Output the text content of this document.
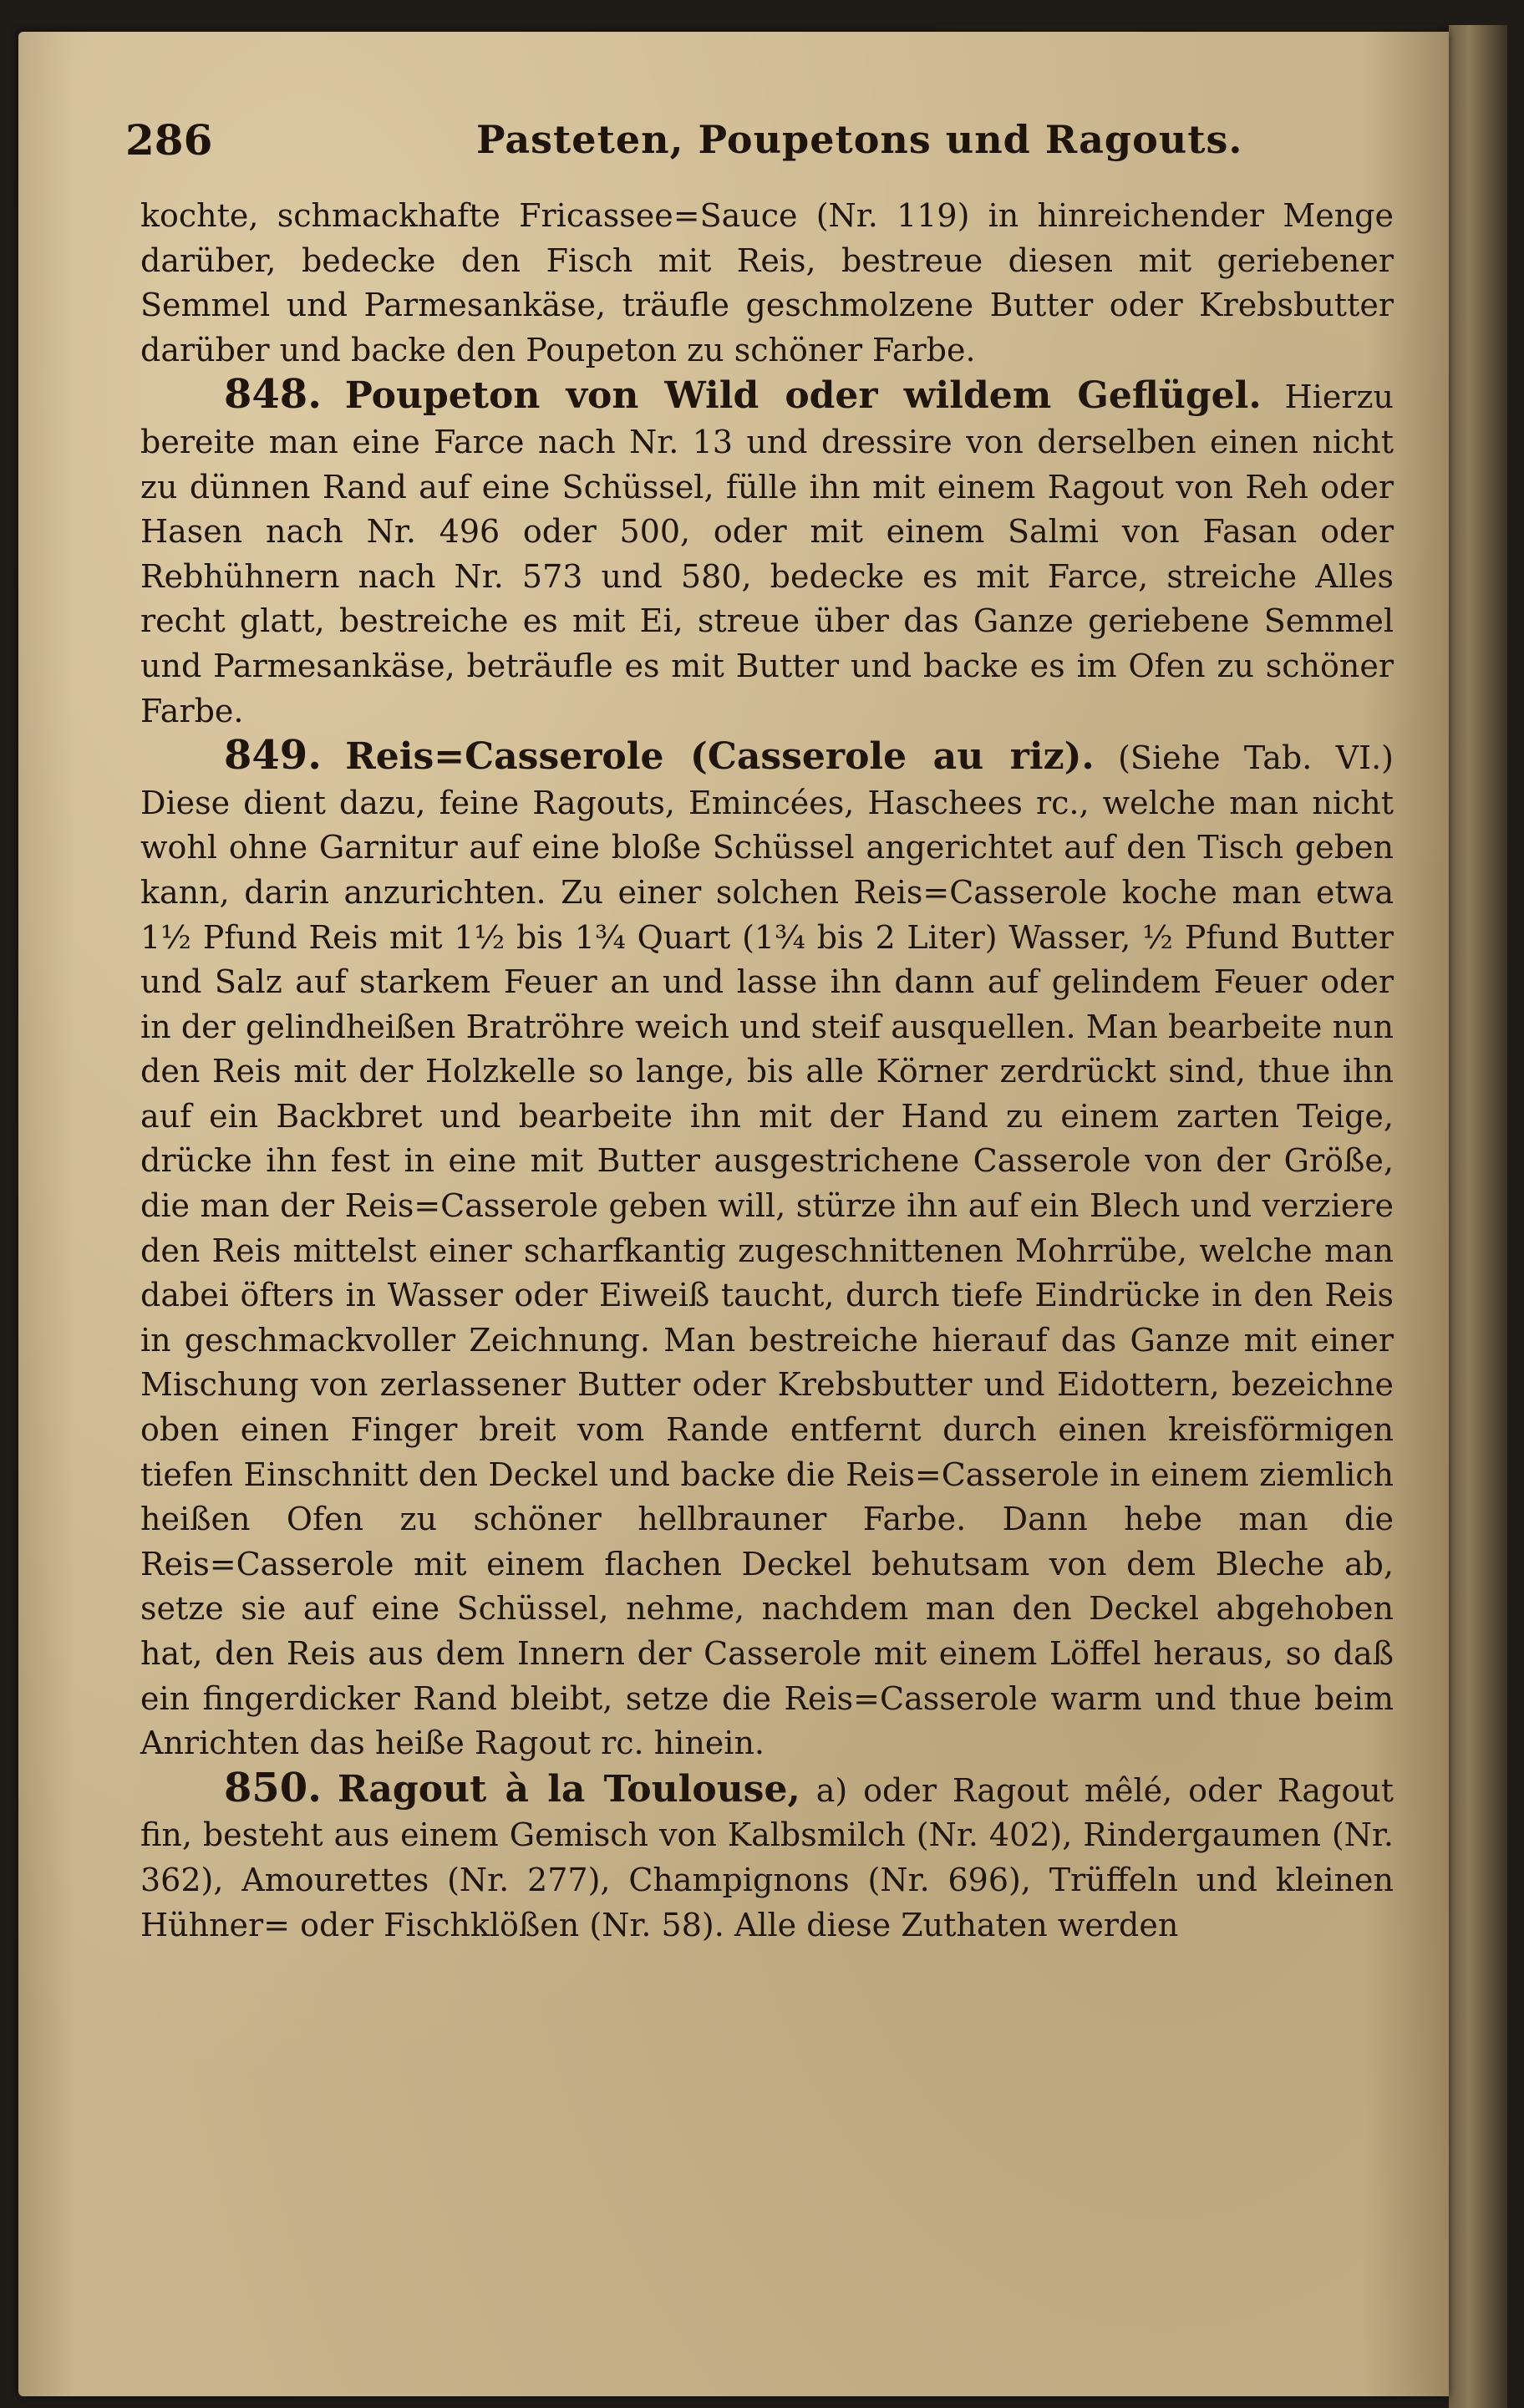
286	Pasteten, Poupetons und Ragouts.

kochte, schmackhafte Fricassee=Sauce (Nr. 119) in hinreichender Menge darüber, bedecke den Fisch mit Reis, bestreue diesen mit geriebener Semmel und Parmesankäse, träufle geschmolzene Butter oder Krebsbutter darüber und backe den Poupeton zu schöner Farbe.

848. Poupeton von Wild oder wildem Geflügel. Hierzu bereite man eine Farce nach Nr. 13 und dressire von derselben einen nicht zu dünnen Rand auf eine Schüssel, fülle ihn mit einem Ragout von Reh oder Hasen nach Nr. 496 oder 500, oder mit einem Salmi von Fasan oder Rebhühnern nach Nr. 573 und 580, bedecke es mit Farce, streiche Alles recht glatt, bestreiche es mit Ei, streue über das Ganze geriebene Semmel und Parmesankäse, beträufle es mit Butter und backe es im Ofen zu schöner Farbe.

849. Reis=Casserole (Casserole au riz). (Siehe Tab. VI.) Diese dient dazu, feine Ragouts, Emincées, Haschees rc., welche man nicht wohl ohne Garnitur auf eine bloße Schüssel angerichtet auf den Tisch geben kann, darin anzurichten. Zu einer solchen Reis=Casserole koche man etwa 1½ Pfund Reis mit 1½ bis 1¾ Quart (1¾ bis 2 Liter) Wasser, ½ Pfund Butter und Salz auf starkem Feuer an und lasse ihn dann auf gelindem Feuer oder in der gelindheißen Bratröhre weich und steif ausquellen. Man bearbeite nun den Reis mit der Holzkelle so lange, bis alle Körner zerdrückt sind, thue ihn auf ein Backbret und bearbeite ihn mit der Hand zu einem zarten Teige, drücke ihn fest in eine mit Butter ausgestrichene Casserole von der Größe, die man der Reis=Casserole geben will, stürze ihn auf ein Blech und verziere den Reis mittelst einer scharfkantig zugeschnittenen Mohrrübe, welche man dabei öfters in Wasser oder Eiweiß taucht, durch tiefe Eindrücke in den Reis in geschmackvoller Zeichnung. Man bestreiche hierauf das Ganze mit einer Mischung von zerlassener Butter oder Krebsbutter und Eidottern, bezeichne oben einen Finger breit vom Rande entfernt durch einen kreisförmigen tiefen Einschnitt den Deckel und backe die Reis=Casserole in einem ziemlich heißen Ofen zu schöner hellbrauner Farbe. Dann hebe man die Reis=Casserole mit einem flachen Deckel behutsam von dem Bleche ab, setze sie auf eine Schüssel, nehme, nachdem man den Deckel abgehoben hat, den Reis aus dem Innern der Casserole mit einem Löffel heraus, so daß ein fingerdicker Rand bleibt, setze die Reis=Casserole warm und thue beim Anrichten das heiße Ragout rc. hinein.

850. Ragout à la Toulouse, a) oder Ragout mêlé, oder Ragout fin, besteht aus einem Gemisch von Kalbsmilch (Nr. 402), Rindergaumen (Nr. 362), Amourettes (Nr. 277), Champignons (Nr. 696), Trüffeln und kleinen Hühner= oder Fischklößen (Nr. 58). Alle diese Zuthaten werden
